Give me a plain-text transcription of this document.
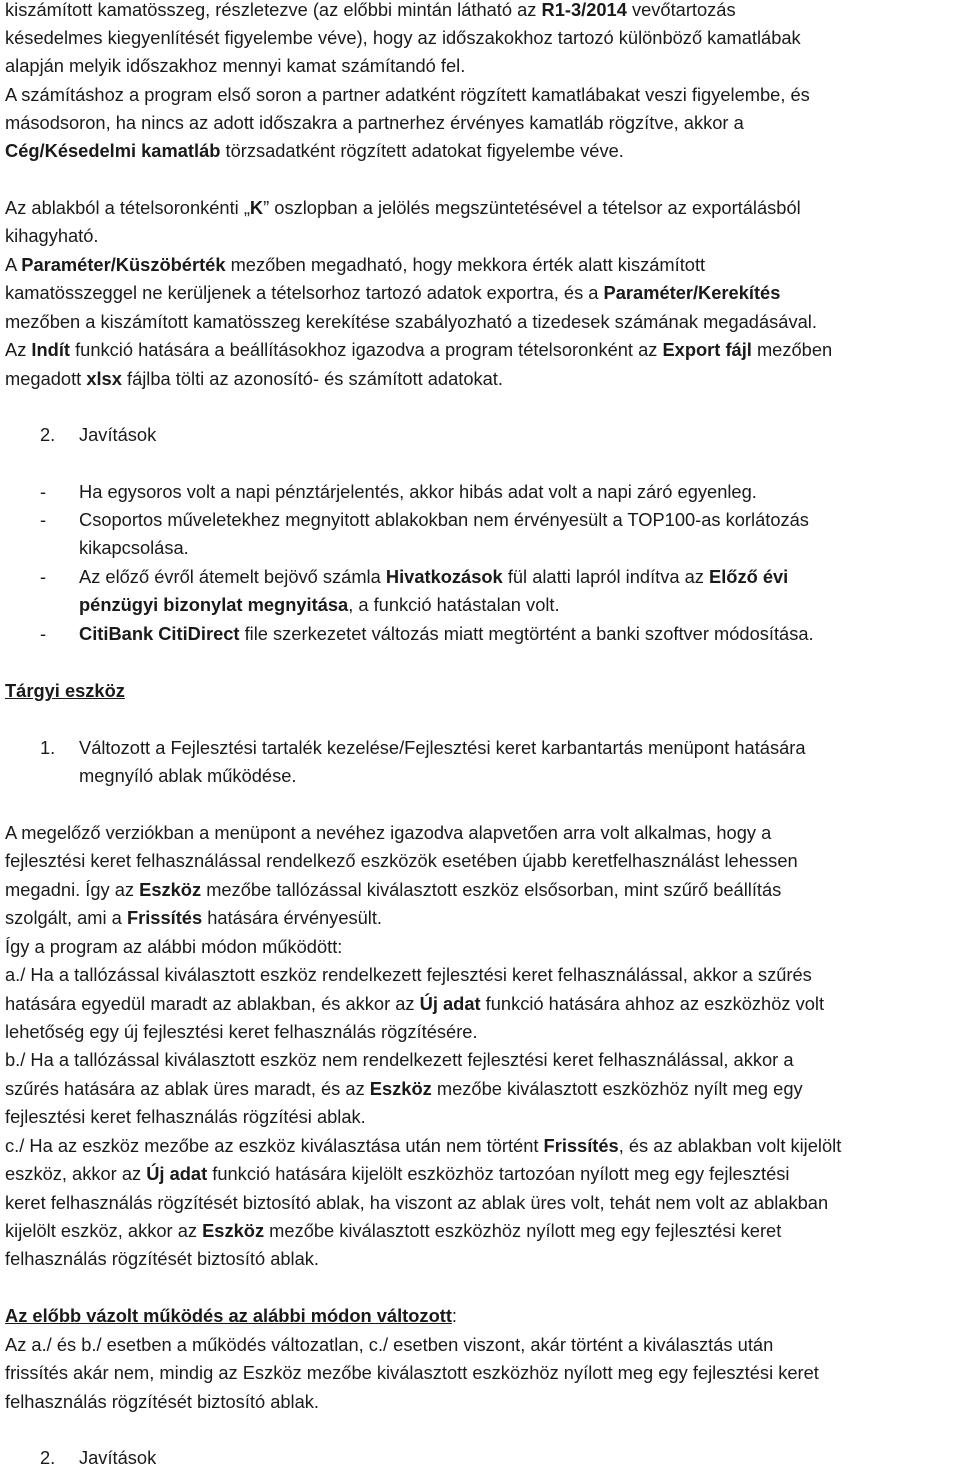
kiszámított kamatösszeg, részletezve (az előbbi mintán látható az R1-3/2014 vevőtartozás
késedelmes kiegyenlítését figyelembe véve), hogy az időszakokhoz tartozó különböző kamatlábak
alapján melyik időszakhoz mennyi kamat számítandó fel.
A számításhoz a program első soron a partner adatként rögzített kamatlábakat veszi figyelembe, és
másodsoron, ha nincs az adott időszakra a partnerhez érvényes kamatláb rögzítve, akkor a
Cég/Késedelmi kamatláb törzsadatként rögzített adatokat figyelembe véve.
Az ablakból a tételsoronkénti „K” oszlopban a jelölés megszüntetésével a tételsor az exportálásból
kihagyható.
A Paraméter/Küszöbérték mezőben megadható, hogy mekkora érték alatt kiszámított
kamatösszeggel ne kerüljenek a tételsorhoz tartozó adatok exportra, és a Paraméter/Kerekítés
mezőben a kiszámított kamatösszeg kerekítése szabályozható a tizedesek számának megadásával.
Az Indít funkció hatására a beállításokhoz igazodva a program tételsoronként az Export fájl mezőben
megadott xlsx fájlba tölti az azonosító- és számított adatokat.
2. Javítások
- Ha egysoros volt a napi pénztárjelentés, akkor hibás adat volt a napi záró egyenleg.
- Csoportos műveletekhez megnyitott ablakokban nem érvényesült a TOP100-as korlátozás
kikapcsolása.
- Az előző évről átemelt bejövő számla Hivatkozások fül alatti lapról indítva az Előző évi
pénzügyi bizonylat megnyitása, a funkció hatástalan volt.
- CitiBank CitiDirect file szerkezetet változás miatt megtörtént a banki szoftver módosítása.
Tárgyi eszköz
1. Változott a Fejlesztési tartalék kezelése/Fejlesztési keret karbantartás menüpont hatására
megnyíló ablak működése.
A megelőző verziókban a menüpont a nevéhez igazodva alapvetően arra volt alkalmas, hogy a
fejlesztési keret felhasználással rendelkező eszközök esetében újabb keretfelhasználást lehessen
megadni. Így az Eszköz mezőbe tallózással kiválasztott eszköz elsősorban, mint szűrő beállítás
szolgált, ami a Frissítés hatására érvényesült.
Így a program az alábbi módon működött:
a./ Ha a tallózással kiválasztott eszköz rendelkezett fejlesztési keret felhasználással, akkor a szűrés
hatására egyedül maradt az ablakban, és akkor az Új adat funkció hatására ahhoz az eszközhöz volt
lehetőség egy új fejlesztési keret felhasználás rögzítésére.
b./ Ha a tallózással kiválasztott eszköz nem rendelkezett fejlesztési keret felhasználással, akkor a
szűrés hatására az ablak üres maradt, és az Eszköz mezőbe kiválasztott eszközhöz nyílt meg egy
fejlesztési keret felhasználás rögzítési ablak.
c./ Ha az eszköz mezőbe az eszköz kiválasztása után nem történt Frissítés, és az ablakban volt kijelölt
eszköz, akkor az Új adat funkció hatására kijelölt eszközhöz tartozóan nyílott meg egy fejlesztési
keret felhasználás rögzítését biztosító ablak, ha viszont az ablak üres volt, tehát nem volt az ablakban
kijelölt eszköz, akkor az Eszköz mezőbe kiválasztott eszközhöz nyílott meg egy fejlesztési keret
felhasználás rögzítését biztosító ablak.
Az előbb vázolt működés az alábbi módon változott:
Az a./ és b./ esetben a működés változatlan, c./ esetben viszont, akár történt a kiválasztás után
frissítés akár nem, mindig az Eszköz mezőbe kiválasztott eszközhöz nyílott meg egy fejlesztési keret
felhasználás rögzítését biztosító ablak.
2. Javítások
